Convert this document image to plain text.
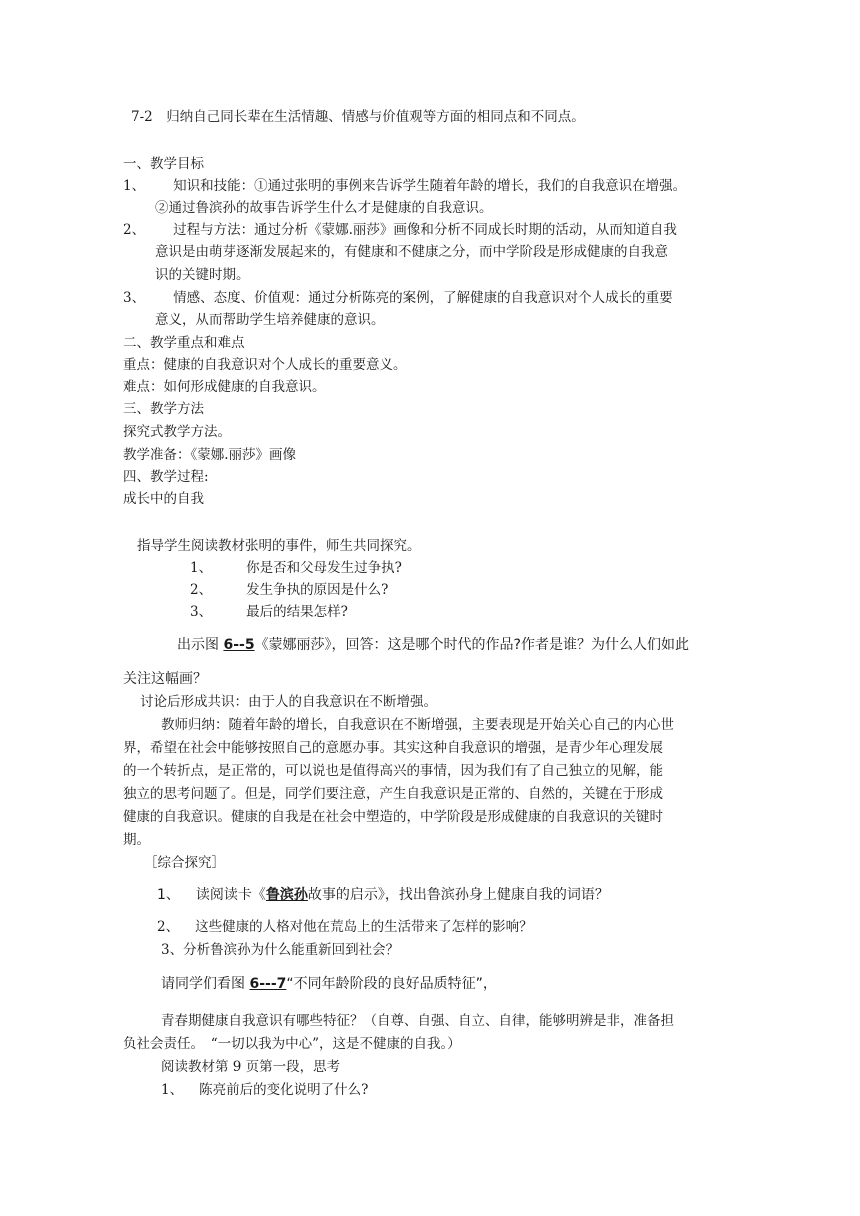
7-2　归纳自己同长辈在生活情趣、情感与价值观等方面的相同点和不同点。
一、教学目标
1、 知识和技能：①通过张明的事例来告诉学生随着年龄的增长，我们的自我意识在增强。
②通过鲁滨孙的故事告诉学生什么才是健康的自我意识。
2、 过程与方法：通过分析《蒙娜.丽莎》画像和分析不同成长时期的活动，从而知道自我
意识是由萌芽逐渐发展起来的，有健康和不健康之分，而中学阶段是形成健康的自我意
识的关键时期。
3、 情感、态度、价值观：通过分析陈亮的案例，了解健康的自我意识对个人成长的重要
意义，从而帮助学生培养健康的意识。
二、教学重点和难点
重点：健康的自我意识对个人成长的重要意义。
难点：如何形成健康的自我意识。
三、教学方法
探究式教学方法。
教学准备：《蒙娜.丽莎》画像
四、教学过程:
成长中的自我
指导学生阅读教材张明的事件，师生共同探究。
1、	你是否和父母发生过争执?
2、	发生争执的原因是什么?
3、	最后的结果怎样?
出示图 6--5《蒙娜丽莎》，回答：这是哪个时代的作品?作者是谁？为什么人们如此
关注这幅画？
讨论后形成共识：由于人的自我意识在不断增强。
教师归纳：随着年龄的增长，自我意识在不断增强，主要表现是开始关心自己的内心世
界，希望在社会中能够按照自己的意愿办事。其实这种自我意识的增强，是青少年心理发展
的一个转折点，是正常的，可以说也是值得高兴的事情，因为我们有了自己独立的见解，能
独立的思考问题了。但是，同学们要注意，产生自我意识是正常的、自然的，关键在于形成
健康的自我意识。健康的自我是在社会中塑造的，中学阶段是形成健康的自我意识的关键时
期。
［综合探究］
1、 读阅读卡《鲁滨孙故事的启示》，找出鲁滨孙身上健康自我的词语？
2、 这些健康的人格对他在荒岛上的生活带来了怎样的影响？
3、分析鲁滨孙为什么能重新回到社会？
请同学们看图 6---7“不同年龄阶段的良好品质特征”，
青春期健康自我意识有哪些特征？（自尊、自强、自立、自律，能够明辨是非，准备担
负社会责任。　“一切以我为中心”，这是不健康的自我。）
阅读教材第 9 页第一段，思考
1、 陈亮前后的变化说明了什么?
